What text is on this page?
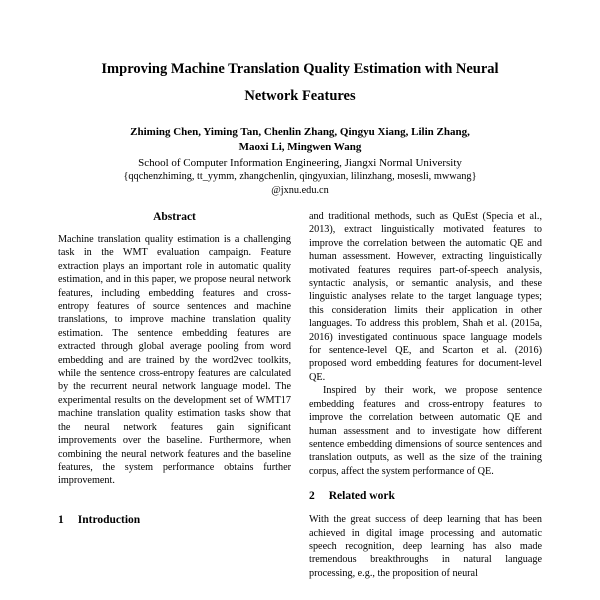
Improving Machine Translation Quality Estimation with Neural
Network Features
Zhiming Chen, Yiming Tan, Chenlin Zhang, Qingyu Xiang, Lilin Zhang,
Maoxi Li, Mingwen Wang
School of Computer Information Engineering, Jiangxi Normal University
{qqchenzhiming, tt_yymm, zhangchenlin, qingyuxian, lilinzhang, mosesli, mwwang}
@jxnu.edu.cn
Abstract

Machine translation quality estimation is a challenging task in the WMT evaluation campaign. Feature extraction plays an important role in automatic quality estimation, and in this paper, we propose neural network features, including embedding features and cross-entropy features of source sentences and machine translations, to improve machine translation quality estimation. The sentence embedding features are extracted through global average pooling from word embedding and are trained by the word2vec toolkits, while the sentence cross-entropy features are calculated by the recurrent neural network language model. The experimental results on the development set of WMT17 machine translation quality estimation tasks show that the neural network features gain significant improvements over the baseline. Furthermore, when combining the neural network features and the baseline features, the system performance obtains further improvement.

1 Introduction

and traditional methods, such as QuEst (Specia et al., 2013), extract linguistically motivated features to improve the correlation between the automatic QE and human assessment. However, extracting linguistically motivated features requires part-of-speech analysis, syntactic analysis, or semantic analysis, and these linguistic analyses relate to the target language types; this consideration limits their application in other languages. To address this problem, Shah et al. (2015a, 2016) investigated continuous space language models for sentence-level QE, and Scarton et al. (2016) proposed word embedding features for document-level QE.

Inspired by their work, we propose sentence embedding features and cross-entropy features to improve the correlation between automatic QE and human assessment and to investigate how different sentence embedding dimensions of source sentences and translation outputs, as well as the size of the training corpus, affect the system performance of QE.

2 Related work

With the great success of deep learning that has been achieved in digital image processing and automatic speech recognition, deep learning has also made tremendous breakthroughs in natural language processing, e.g., the proposition of neural
